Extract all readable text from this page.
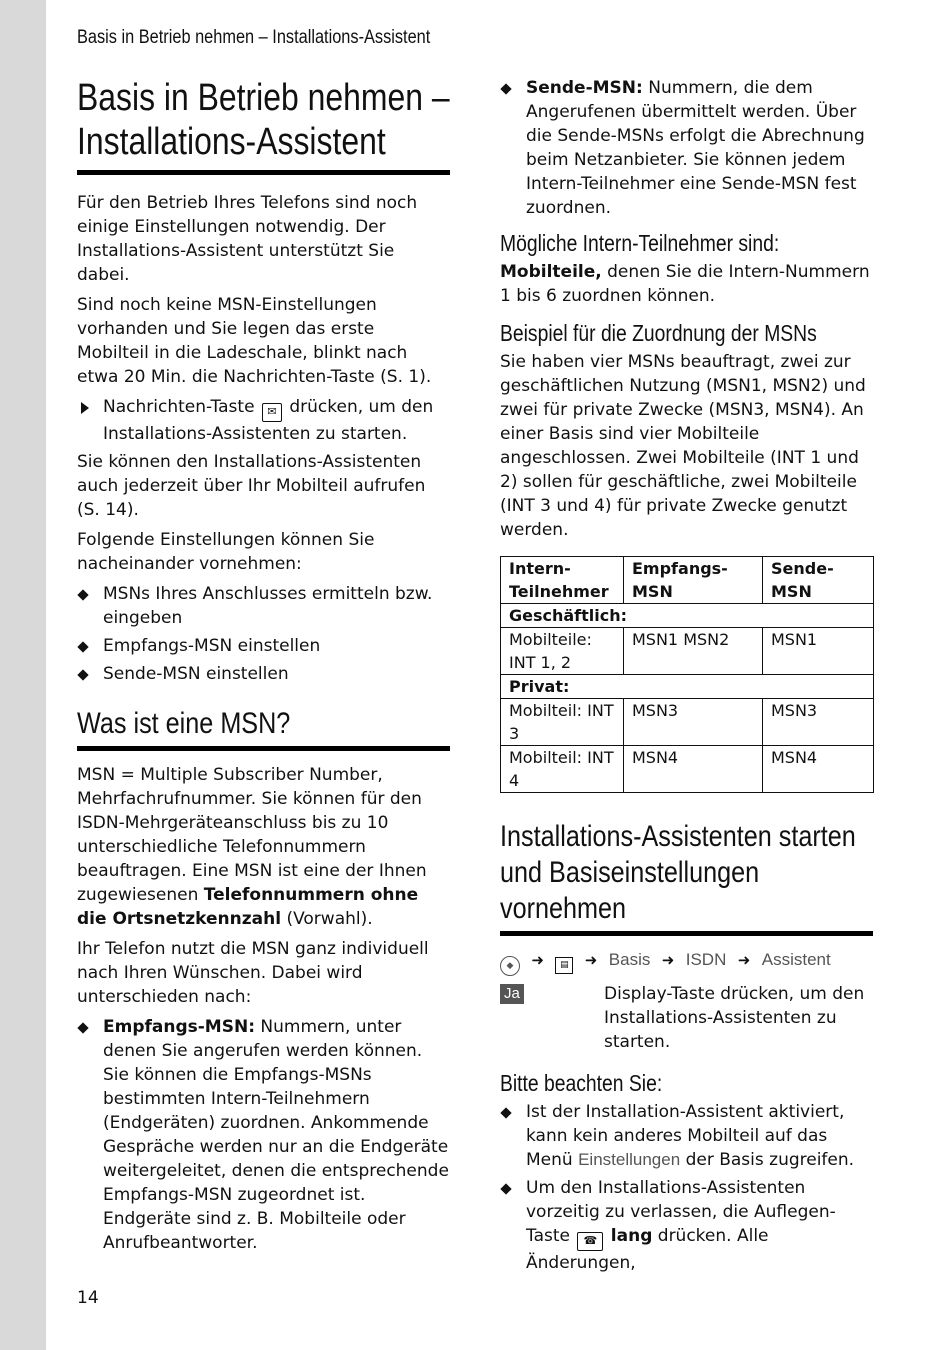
Basis in Betrieb nehmen – Installations-Assistent
Basis in Betrieb nehmen –
Installations-Assistent

Für den Betrieb Ihres Telefons sind noch einige Einstellungen notwendig. Der Installations-Assistent unterstützt Sie dabei.

Sind noch keine MSN-Einstellungen vorhanden und Sie legen das erste Mobilteil in die Ladeschale, blinkt nach etwa 20 Min. die Nachrichten-Taste (S. 1).

Nachrichten-Taste ✉ drücken, um den Installations-Assistenten zu starten.

Sie können den Installations-Assistenten auch jederzeit über Ihr Mobilteil aufrufen (S. 14).

Folgende Einstellungen können Sie nacheinander vornehmen:

MSNs Ihres Anschlusses ermitteln bzw. eingeben
Empfangs-MSN einstellen
Sende-MSN einstellen
Was ist eine MSN?

MSN = Multiple Subscriber Number, Mehrfachrufnummer. Sie können für den ISDN-Mehrgeräteanschluss bis zu 10 unterschiedliche Telefonnummern beauftragen. Eine MSN ist eine der Ihnen zugewiesenen Telefonnummern ohne die Ortsnetzkennzahl (Vorwahl).

Ihr Telefon nutzt die MSN ganz individuell nach Ihren Wünschen. Dabei wird unterschieden nach:

Empfangs-MSN: Nummern, unter denen Sie angerufen werden können. Sie können die Empfangs-MSNs bestimmten Intern-Teilnehmern (Endgeräten) zuordnen. Ankommende Gespräche werden nur an die Endgeräte weitergeleitet, denen die entsprechende Empfangs-MSN zugeordnet ist. Endgeräte sind z. B. Mobilteile oder Anrufbeantworter.
Sende-MSN: Nummern, die dem Angerufenen übermittelt werden. Über die Sende-MSNs erfolgt die Abrechnung beim Netzanbieter. Sie können jedem Intern-Teilnehmer eine Sende-MSN fest zuordnen.
Mögliche Intern-Teilnehmer sind:

Mobilteile, denen Sie die Intern-Nummern 1 bis 6 zuordnen können.

Beispiel für die Zuordnung der MSNs

Sie haben vier MSNs beauftragt, zwei zur geschäftlichen Nutzung (MSN1, MSN2) und zwei für private Zwecke (MSN3, MSN4). An einer Basis sind vier Mobilteile angeschlossen. Zwei Mobilteile (INT 1 und 2) sollen für geschäftliche, zwei Mobilteile (INT 3 und 4) für private Zwecke genutzt werden.

Intern-Teilnehmer	Empfangs-MSN	Sende-MSN
Geschäftlich:		
Mobilteile: INT 1, 2	MSN1 MSN2	MSN1
Privat:		
Mobilteil: INT 3	MSN3	MSN3
Mobilteil: INT 4	MSN4	MSN4
Installations-Assistenten starten
und Basiseinstellungen
vornehmen
◆ ➜ ▤ ➜ Basis ➜ ISDN ➜ Assistent
Ja	Display-Taste drücken, um den Installations-Assistenten zu starten.
Bitte beachten Sie:
Ist der Installation-Assistent aktiviert, kann kein anderes Mobilteil auf das Menü Einstellungen der Basis zugreifen.
Um den Installations-Assistenten vorzeitig zu verlassen, die Auflegen-Taste ☎ lang drücken. Alle Änderungen,
14
